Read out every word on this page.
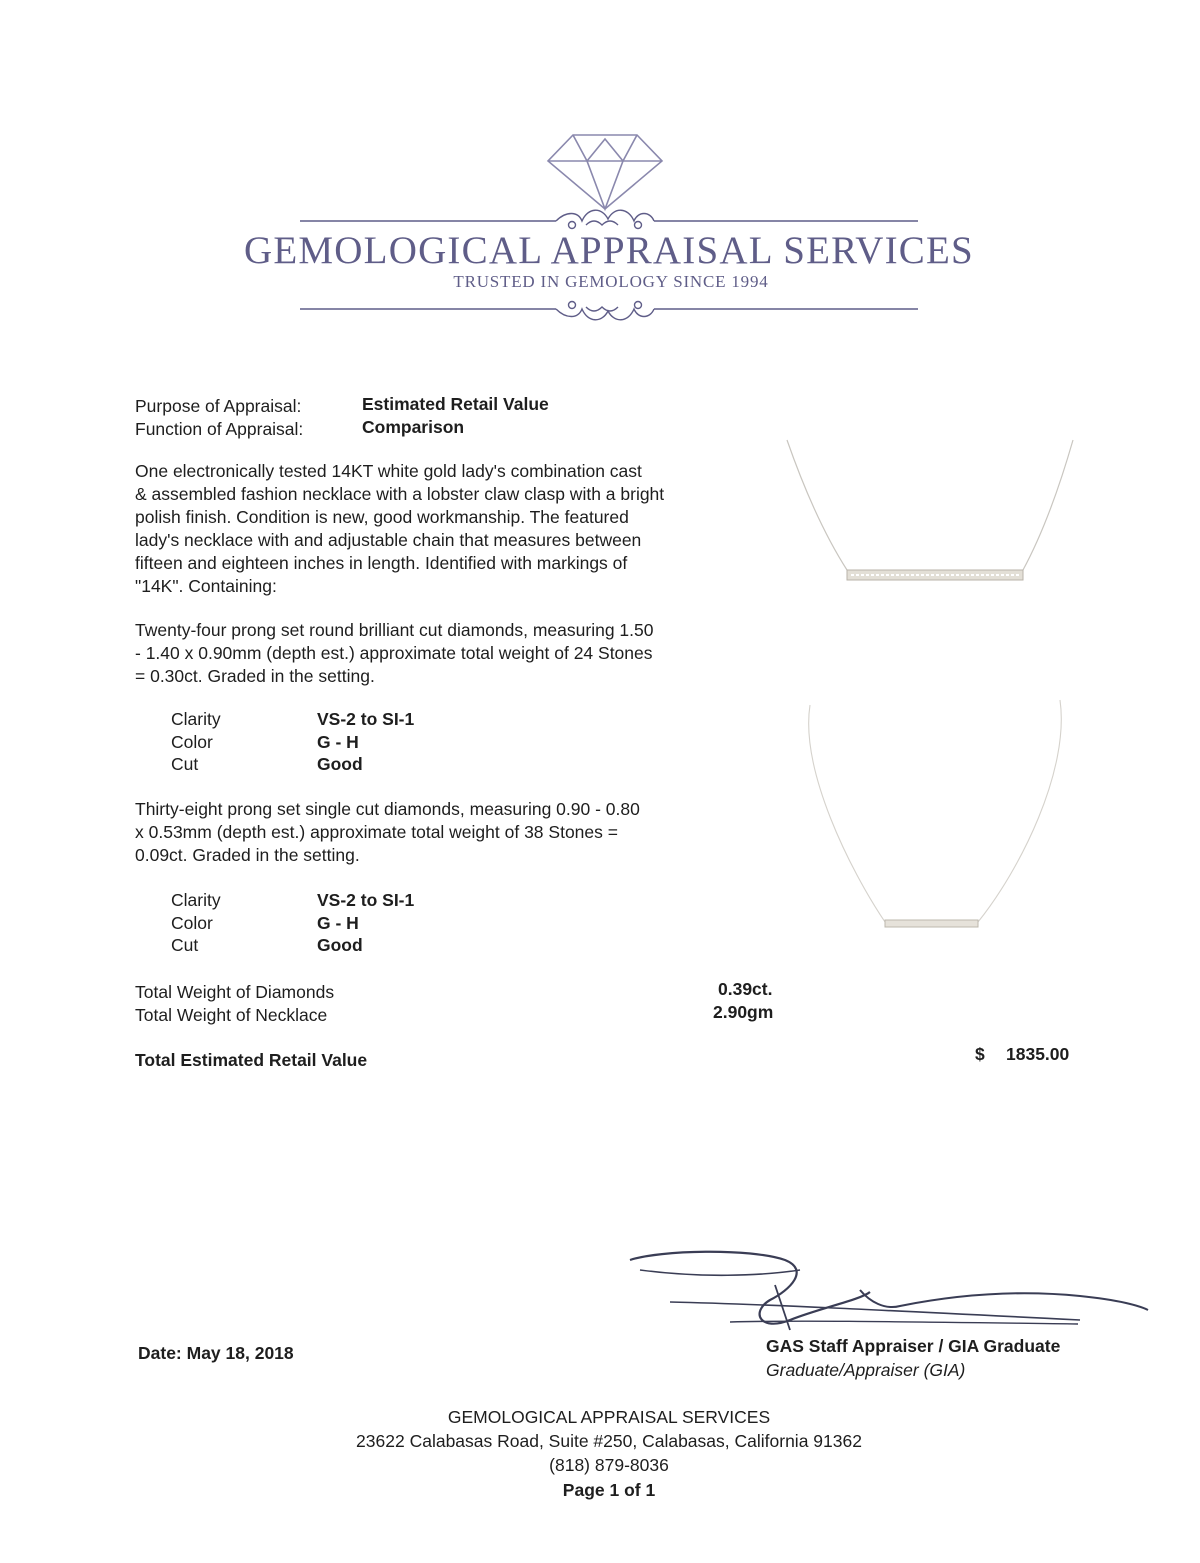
GEMOLOGICAL APPRAISAL SERVICES
TRUSTED IN GEMOLOGY SINCE 1994
Purpose of Appraisal:	Estimated Retail Value
Function of Appraisal:	Comparison
One electronically tested 14KT white gold lady's combination cast
& assembled fashion necklace with a lobster claw clasp with a bright
polish finish. Condition is new, good workmanship. The featured
lady's necklace with and adjustable chain that measures between
fifteen and eighteen inches in length. Identified with markings of
"14K". Containing:
Twenty-four prong set round brilliant cut diamonds, measuring 1.50
- 1.40 x 0.90mm (depth est.) approximate total weight of 24 Stones
= 0.30ct. Graded in the setting.
Clarity	VS-2 to SI-1
Color	G - H
Cut	Good
Thirty-eight prong set single cut diamonds, measuring 0.90 - 0.80
x 0.53mm (depth est.) approximate total weight of 38 Stones =
0.09ct. Graded in the setting.
Clarity	VS-2 to SI-1
Color	G - H
Cut	Good
Total Weight of Diamonds	0.39ct.
Total Weight of Necklace	2.90gm
Total Estimated Retail Value	$ 1835.00
Date: May 18, 2018	GAS Staff Appraiser / GIA Graduate
Graduate/Appraiser (GIA)
GEMOLOGICAL APPRAISAL SERVICES
23622 Calabasas Road, Suite #250, Calabasas, California 91362
(818) 879-8036
Page 1 of 1
